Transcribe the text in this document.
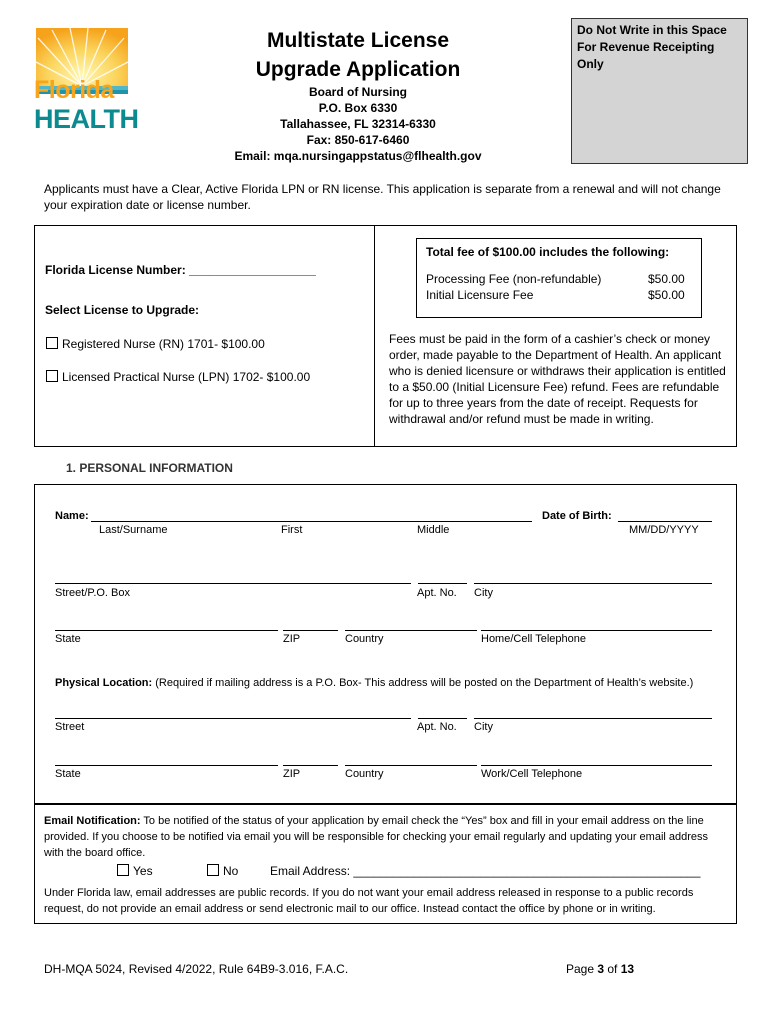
Florida
HEALTH
Multistate License
Upgrade Application
Board of Nursing
P.O. Box 6330
Tallahassee, FL 32314-6330
Fax: 850-617-6460
Email: mqa.nursingappstatus@flhealth.gov
Do Not Write in this Space
For Revenue Receipting Only
Applicants must have a Clear, Active Florida LPN or RN license. This application is separate from a renewal and will not change your expiration date or license number.
Florida License Number: ___________________
Select License to Upgrade:
Registered Nurse (RN) 1701- $100.00
Licensed Practical Nurse (LPN) 1702- $100.00
Total fee of $100.00 includes the following:
Processing Fee (non-refundable)	$50.00
Initial Licensure Fee	$50.00
Fees must be paid in the form of a cashier’s check or money order, made payable to the Department of Health. An applicant who is denied licensure or withdraws their application is entitled to a $50.00 (Initial Licensure Fee) refund. Fees are refundable for up to three years from the date of receipt. Requests for withdrawal and/or refund must be made in writing.
1. PERSONAL INFORMATION
Name:	Date of Birth:
Last/Surname	First	Middle	MM/DD/YYYY
Street/P.O. Box	Apt. No. City
State	ZIP	Country	Home/Cell Telephone
Physical Location: (Required if mailing address is a P.O. Box- This address will be posted on the Department of Health’s website.)
Street	Apt. No. City
State	ZIP	Country	Work/Cell Telephone
Email Notification: To be notified of the status of your application by email check the “Yes” box and fill in your email address on the line provided. If you choose to be notified via email you will be responsible for checking your email regularly and updating your email address with the board office.
Yes	No	Email Address: ____________________________________________________
Under Florida law, email addresses are public records. If you do not want your email address released in response to a public records request, do not provide an email address or send electronic mail to our office. Instead contact the office by phone or in writing.
DH-MQA 5024, Revised 4/2022, Rule 64B9-3.016, F.A.C.	Page 3 of 13
